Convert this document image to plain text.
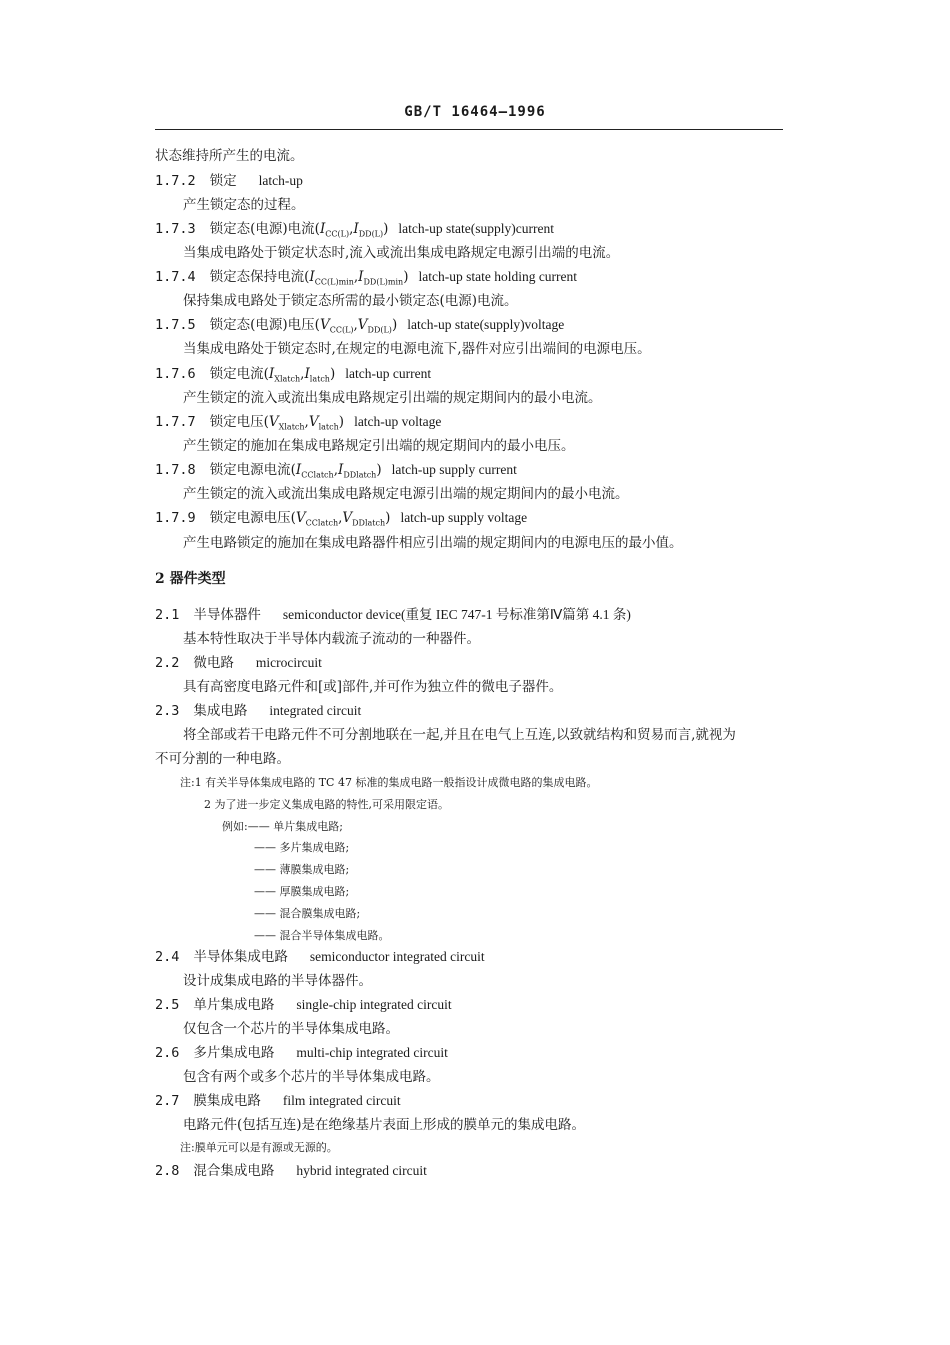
GB/T 16464—1996
状态维持所产生的电流。
1.7.2 锁定 latch-up
产生锁定态的过程。
1.7.3 锁定态(电源)电流$(I_{CC(L)},I_{DD(L)})$ latch-up state(supply)current
当集成电路处于锁定状态时,流入或流出集成电路规定电源引出端的电流。
1.7.4 锁定态保持电流$(I_{CC(L)min},I_{DD(L)min})$ latch-up state holding current
保持集成电路处于锁定态所需的最小锁定态(电源)电流。
1.7.5 锁定态(电源)电压$(V_{CC(L)},V_{DD(L)})$ latch-up state(supply)voltage
当集成电路处于锁定态时,在规定的电源电流下,器件对应引出端间的电源电压。
1.7.6 锁定电流$(I_{Xlatch},I_{latch})$ latch-up current
产生锁定的流入或流出集成电路规定引出端的规定期间内的最小电流。
1.7.7 锁定电压$(V_{Xlatch},V_{latch})$ latch-up voltage
产生锁定的施加在集成电路规定引出端的规定期间内的最小电压。
1.7.8 锁定电源电流$(I_{CClatch},I_{DDlatch})$ latch-up supply current
产生锁定的流入或流出集成电路规定电源引出端的规定期间内的最小电流。
1.7.9 锁定电源电压$(V_{CClatch},V_{DDlatch})$ latch-up supply voltage
产生电路锁定的施加在集成电路器件相应引出端的规定期间内的电源电压的最小值。
2 器件类型
2.1 半导体器件 semiconductor device(重复 IEC 747-1 号标准第Ⅳ篇第 4.1 条)
基本特性取决于半导体内载流子流动的一种器件。
2.2 微电路 microcircuit
具有高密度电路元件和[或]部件,并可作为独立件的微电子器件。
2.3 集成电路 integrated circuit
将全部或若干电路元件不可分割地联在一起,并且在电气上互连,以致就结构和贸易而言,就视为
不可分割的一种电路。
注:1 有关半导体集成电路的 TC 47 标准的集成电路一般指设计成微电路的集成电路。
2 为了进一步定义集成电路的特性,可采用限定语。
例如:—— 单片集成电路;
—— 多片集成电路;
—— 薄膜集成电路;
—— 厚膜集成电路;
—— 混合膜集成电路;
—— 混合半导体集成电路。
2.4 半导体集成电路 semiconductor integrated circuit
设计成集成电路的半导体器件。
2.5 单片集成电路 single-chip integrated circuit
仅包含一个芯片的半导体集成电路。
2.6 多片集成电路 multi-chip integrated circuit
包含有两个或多个芯片的半导体集成电路。
2.7 膜集成电路 film integrated circuit
电路元件(包括互连)是在绝缘基片表面上形成的膜单元的集成电路。
注:膜单元可以是有源或无源的。
2.8 混合集成电路 hybrid integrated circuit
